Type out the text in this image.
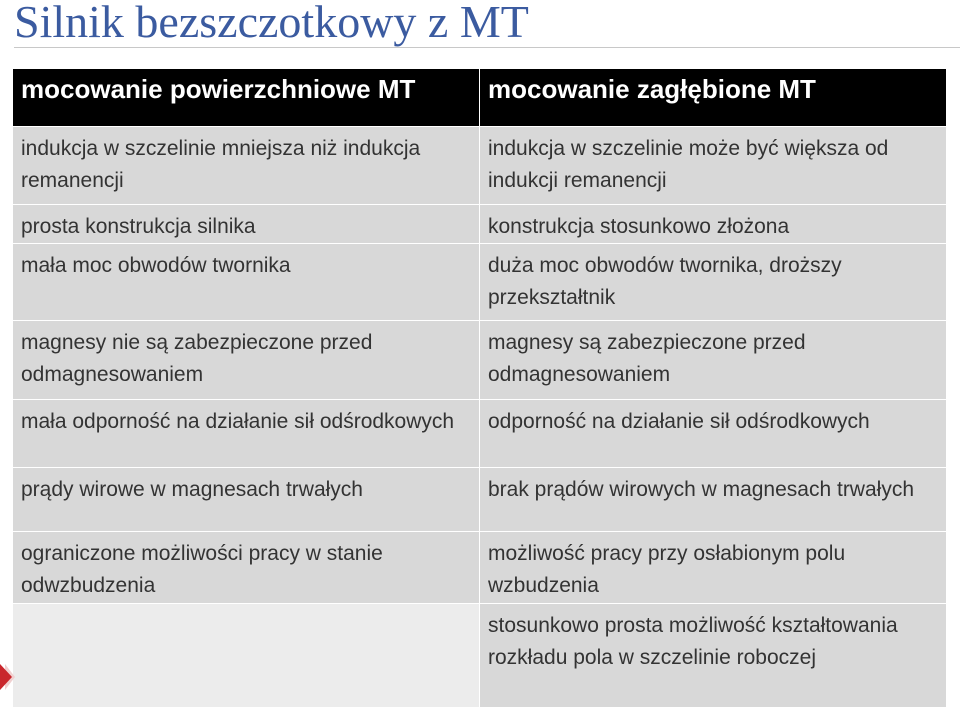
Silnik bezszczotkowy z MT
mocowanie powierzchniowe MT	mocowanie zagłębione MT
indukcja w szczelinie mniejsza niż indukcja remanencji	indukcja w szczelinie może być większa od indukcji remanencji
prosta konstrukcja silnika	konstrukcja stosunkowo złożona
mała moc obwodów twornika	duża moc obwodów twornika, droższy przekształtnik
magnesy nie są zabezpieczone przed odmagnesowaniem	magnesy są zabezpieczone przed odmagnesowaniem
mała odporność na działanie sił odśrodkowych	odporność na działanie sił odśrodkowych
prądy wirowe w magnesach trwałych	brak prądów wirowych w magnesach trwałych
ograniczone możliwości pracy w stanie odwzbudzenia	możliwość pracy przy osłabionym polu wzbudzenia
	stosunkowo prosta możliwość kształtowania rozkładu pola w szczelinie roboczej
